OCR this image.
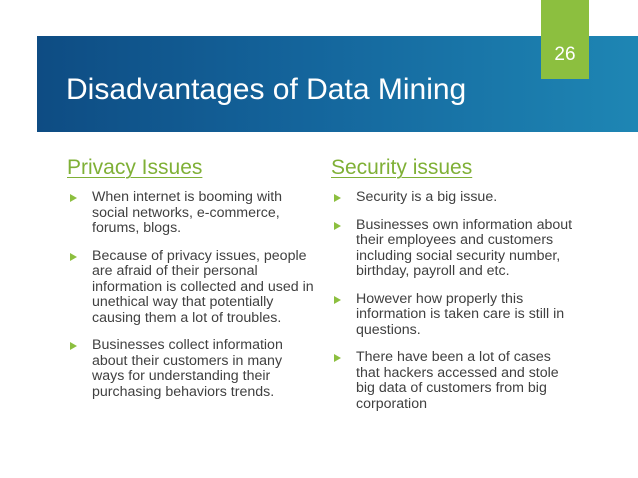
Disadvantages of Data Mining
26
Privacy Issues
When internet is booming with social networks, e-commerce, forums, blogs.
Because of privacy issues, people are afraid of their personal information is collected and used in unethical way that potentially causing them a lot of troubles.
Businesses collect information about their customers in many ways for understanding their purchasing behaviors trends.
Security issues
Security is a big issue.
Businesses own information about their employees and customers including social security number, birthday, payroll and etc.
However how properly this information is taken care is still in questions.
There have been a lot of cases that hackers accessed and stole big data of customers from big corporation
